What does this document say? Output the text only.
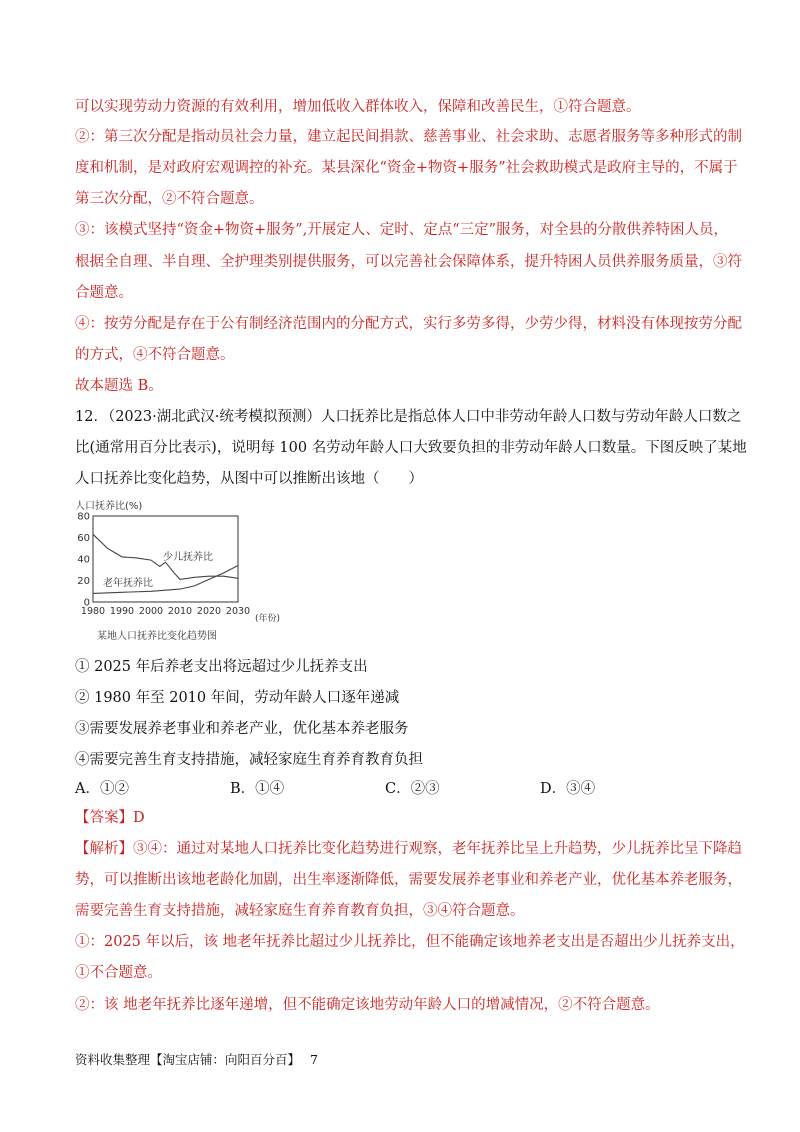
可以实现劳动力资源的有效利用，增加低收入群体收入，保障和改善民生，①符合题意。
②：第三次分配是指动员社会力量，建立起民间捐款、慈善事业、社会求助、志愿者服务等多种形式的制
度和机制，是对政府宏观调控的补充。某县深化“资金+物资+服务”社会救助模式是政府主导的，不属于
第三次分配，②不符合题意。
③：该模式坚持“资金+物资+服务”,开展定人、定时、定点“三定”服务，对全县的分散供养特困人员，
根据全自理、半自理、全护理类别提供服务，可以完善社会保障体系，提升特困人员供养服务质量，③符
合题意。
④：按劳分配是存在于公有制经济范围内的分配方式，实行多劳多得，少劳少得，材料没有体现按劳分配
的方式，④不符合题意。
故本题选 B。
12．（2023·湖北武汉·统考模拟预测）人口抚养比是指总体人口中非劳动年龄人口数与劳动年龄人口数之
比(通常用百分比表示)，说明每 100 名劳动年龄人口大致要负担的非劳动年龄人口数量。下图反映了某地
人口抚养比变化趋势，从图中可以推断出该地（　　）
人口抚养比(%)
80
60
40
20
0
1980 1990 2000 2010 2020 2030
少儿抚养比
老年抚养比
(年份)
某地人口抚养比变化趋势图
① 2025 年后养老支出将远超过少儿抚养支出
② 1980 年至 2010 年间，劳动年龄人口逐年递减
③需要发展养老事业和养老产业，优化基本养老服务
④需要完善生育支持措施，减轻家庭生育养育教育负担
A．①②	B．①④	C．②③	D．③④
【答案】D
【解析】③④：通过对某地人口抚养比变化趋势进行观察，老年抚养比呈上升趋势，少儿抚养比呈下降趋
势，可以推断出该地老龄化加剧，出生率逐渐降低，需要发展养老事业和养老产业，优化基本养老服务，
需要完善生育支持措施，减轻家庭生育养育教育负担，③④符合题意。
①：2025 年以后，该 地老年抚养比超过少儿抚养比，但不能确定该地养老支出是否超出少儿抚养支出，
①不合题意。
②：该 地老年抚养比逐年递增，但不能确定该地劳动年龄人口的增减情况，②不符合题意。
资料收集整理【淘宝店铺：向阳百分百】 7
